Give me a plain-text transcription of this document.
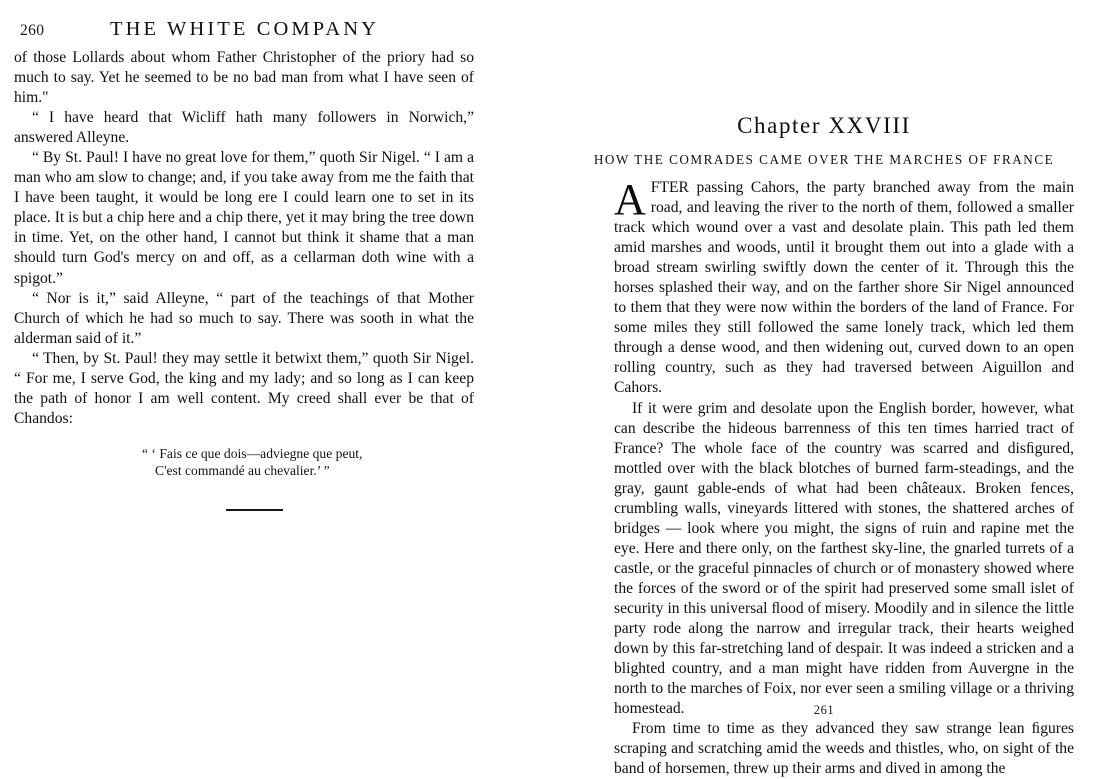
260	THE WHITE COMPANY

of those Lollards about whom Father Christopher of the priory had so much to say. Yet he seemed to be no bad man from what I have seen of him."

“ I have heard that Wicliff hath many followers in Norwich,” answered Alleyne.

“ By St. Paul! I have no great love for them,” quoth Sir Nigel. “ I am a man who am slow to change; and, if you take away from me the faith that I have been taught, it would be long ere I could learn one to set in its place. It is but a chip here and a chip there, yet it may bring the tree down in time. Yet, on the other hand, I cannot but think it shame that a man should turn God's mercy on and off, as a cellarman doth wine with a spigot.”

“ Nor is it,” said Alleyne, “ part of the teachings of that Mother Church of which he had so much to say. There was sooth in what the alderman said of it.”

“ Then, by St. Paul! they may settle it betwixt them,” quoth Sir Nigel. “ For me, I serve God, the king and my lady; and so long as I can keep the path of honor I am well content. My creed shall ever be that of Chandos:

“ ‘ Fais ce que dois—adviegne que peut,
C'est commandé au chevalier.’ ”
Chapter XXVIII
HOW THE COMRADES CAME OVER THE MARCHES OF FRANCE

AFTER passing Cahors, the party branched away from the main road, and leaving the river to the north of them, followed a smaller track which wound over a vast and desolate plain. This path led them amid marshes and woods, until it brought them out into a glade with a broad stream swirling swiftly down the center of it. Through this the horses splashed their way, and on the farther shore Sir Nigel announced to them that they were now within the borders of the land of France. For some miles they still followed the same lonely track, which led them through a dense wood, and then widening out, curved down to an open rolling country, such as they had traversed between Aiguillon and Cahors.

If it were grim and desolate upon the English border, however, what can describe the hideous barrenness of this ten times harried tract of France? The whole face of the country was scarred and disﬁgured, mottled over with the black blotches of burned farm-steadings, and the gray, gaunt gable-ends of what had been châteaux. Broken fences, crumbling walls, vineyards littered with stones, the shattered arches of bridges — look where you might, the signs of ruin and rapine met the eye. Here and there only, on the farthest sky-line, the gnarled turrets of a castle, or the graceful pinnacles of church or of monastery showed where the forces of the sword or of the spirit had preserved some small islet of security in this universal ﬂood of misery. Moodily and in silence the little party rode along the narrow and irregular track, their hearts weighed down by this far-stretching land of despair. It was indeed a stricken and a blighted country, and a man might have ridden from Auvergne in the north to the marches of Foix, nor ever seen a smiling village or a thriving homestead.

From time to time as they advanced they saw strange lean ﬁgures scraping and scratching amid the weeds and thistles, who, on sight of the band of horsemen, threw up their arms and dived in among the

261
